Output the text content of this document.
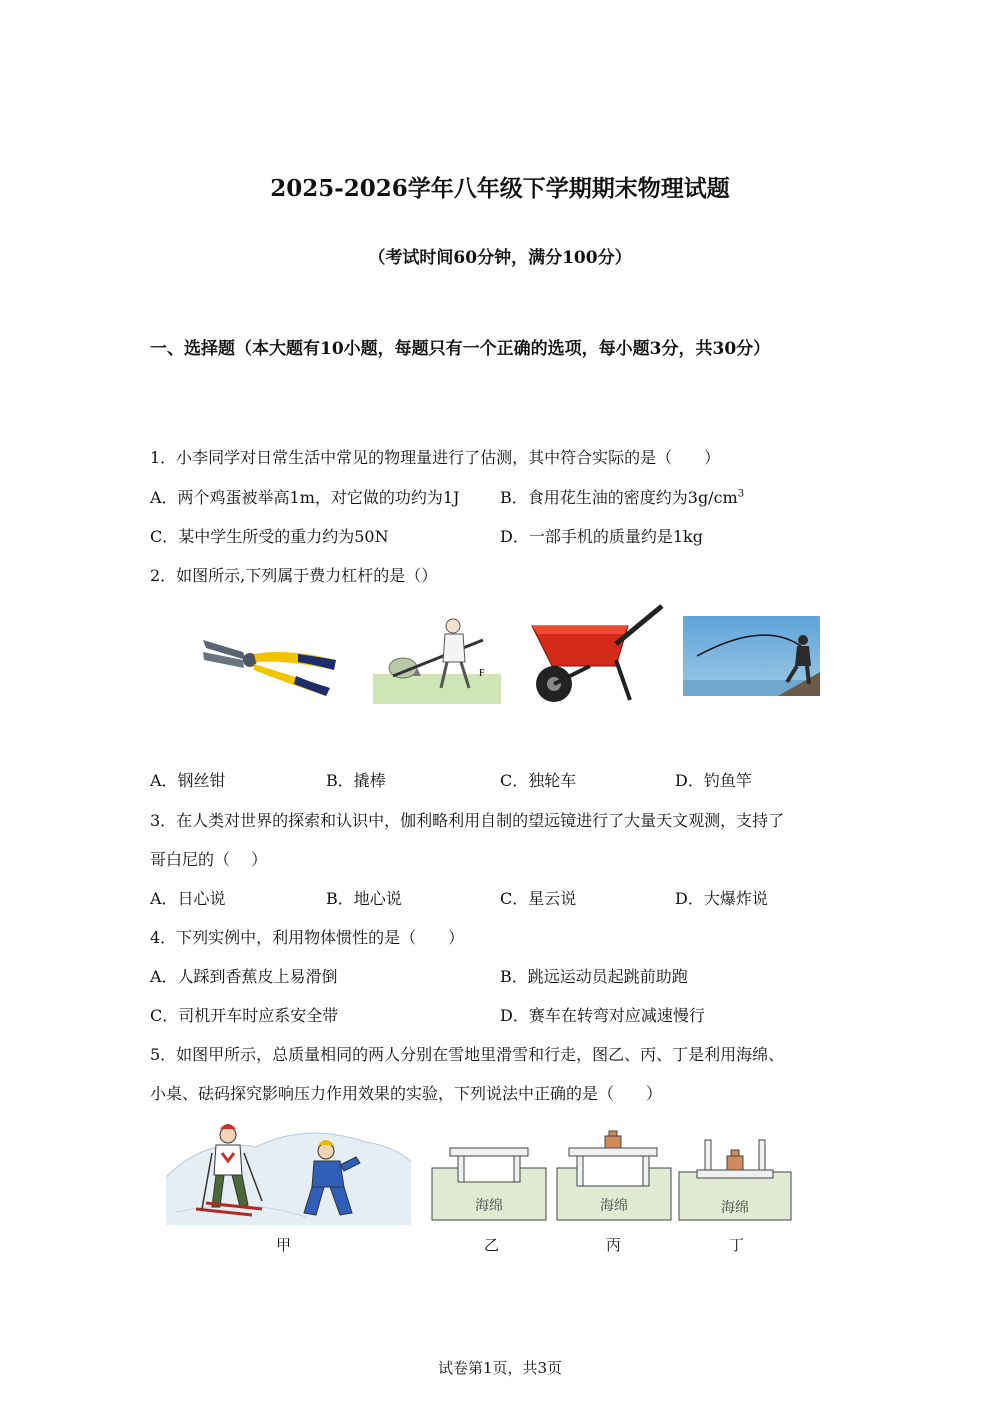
2025-2026学年八年级下学期期末物理试题
（考试时间60分钟，满分100分）
一、选择题（本大题有10小题，每题只有一个正确的选项，每小题3分，共30分）
1．小李同学对日常生活中常见的物理量进行了估测，其中符合实际的是（　　）
A．两个鸡蛋被举高1m，对它做的功约为1J	B．食用花生油的密度约为$3g/cm^3$
C．某中学生所受的重力约为50N	D．一部手机的质量约是1kg
2．如图所示,下列属于费力杠杆的是（）
F
A．钢丝钳	B．撬棒	C．独轮车	D．钓鱼竿
3．在人类对世界的探索和认识中，伽利略利用自制的望远镜进行了大量天文观测，支持了
哥白尼的（　 ）
A．日心说	B．地心说	C．星云说	D．大爆炸说
4．下列实例中，利用物体惯性的是（　　）
A．人踩到香蕉皮上易滑倒	B．跳远运动员起跳前助跑
C．司机开车时应系安全带	D．赛车在转弯对应减速慢行
5．如图甲所示，总质量相同的两人分别在雪地里滑雪和行走，图乙、丙、丁是利用海绵、
小桌、砝码探究影响压力作用效果的实验，下列说法中正确的是（　　）
甲
海绵	海绵	海绵
乙	丙	丁
试卷第1页，共3页
